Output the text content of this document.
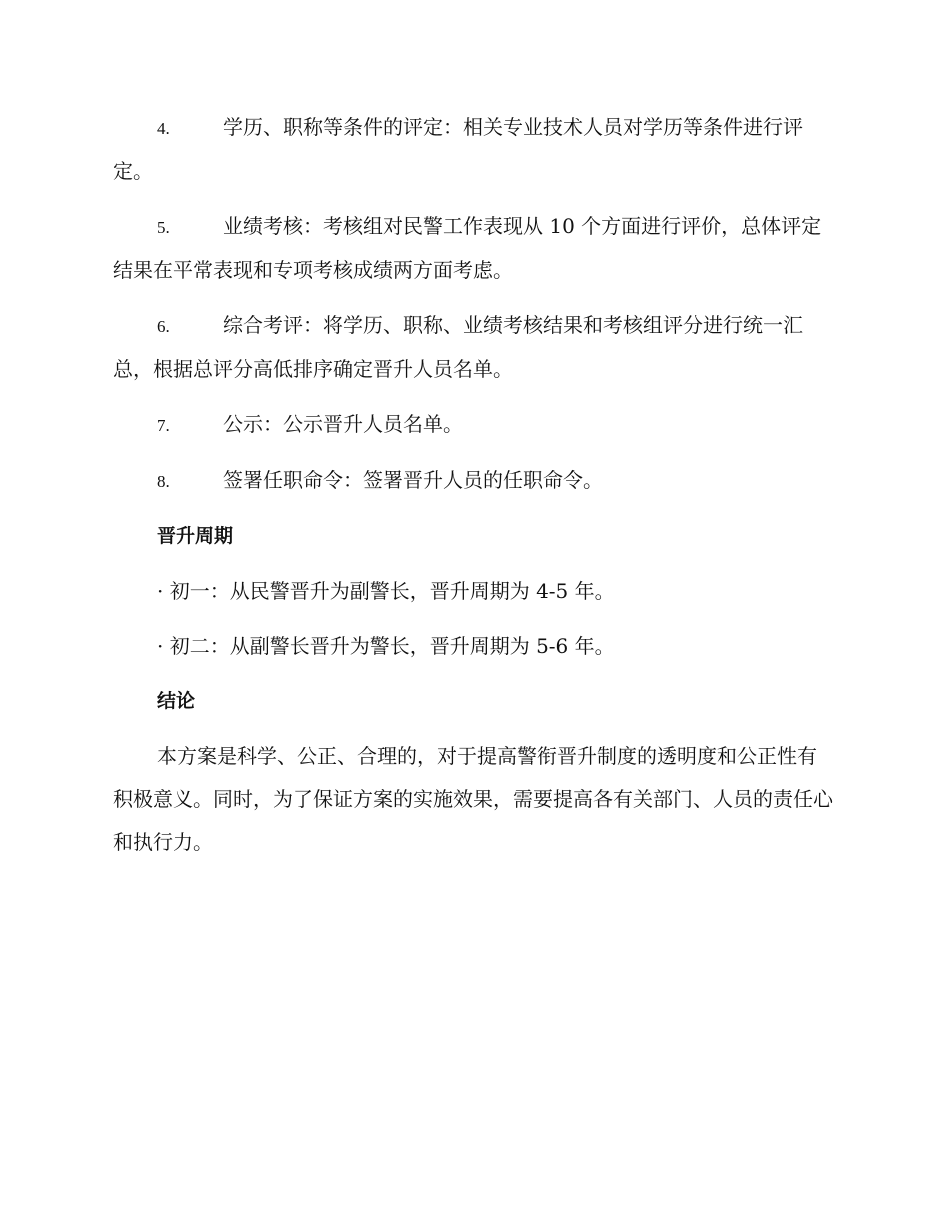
4.	学历、职称等条件的评定：相关专业技术人员对学历等条件进行评定。

5.	业绩考核：考核组对民警工作表现从 10 个方面进行评价，总体评定结果在平常表现和专项考核成绩两方面考虑。

6.	综合考评：将学历、职称、业绩考核结果和考核组评分进行统一汇总，根据总评分高低排序确定晋升人员名单。

7.	公示：公示晋升人员名单。

8.	签署任职命令：签署晋升人员的任职命令。

晋升周期

· 初一：从民警晋升为副警长，晋升周期为 4-5 年。

· 初二：从副警长晋升为警长，晋升周期为 5-6 年。

结论

本方案是科学、公正、合理的，对于提高警衔晋升制度的透明度和公正性有积极意义。同时，为了保证方案的实施效果，需要提高各有关部门、人员的责任心和执行力。
